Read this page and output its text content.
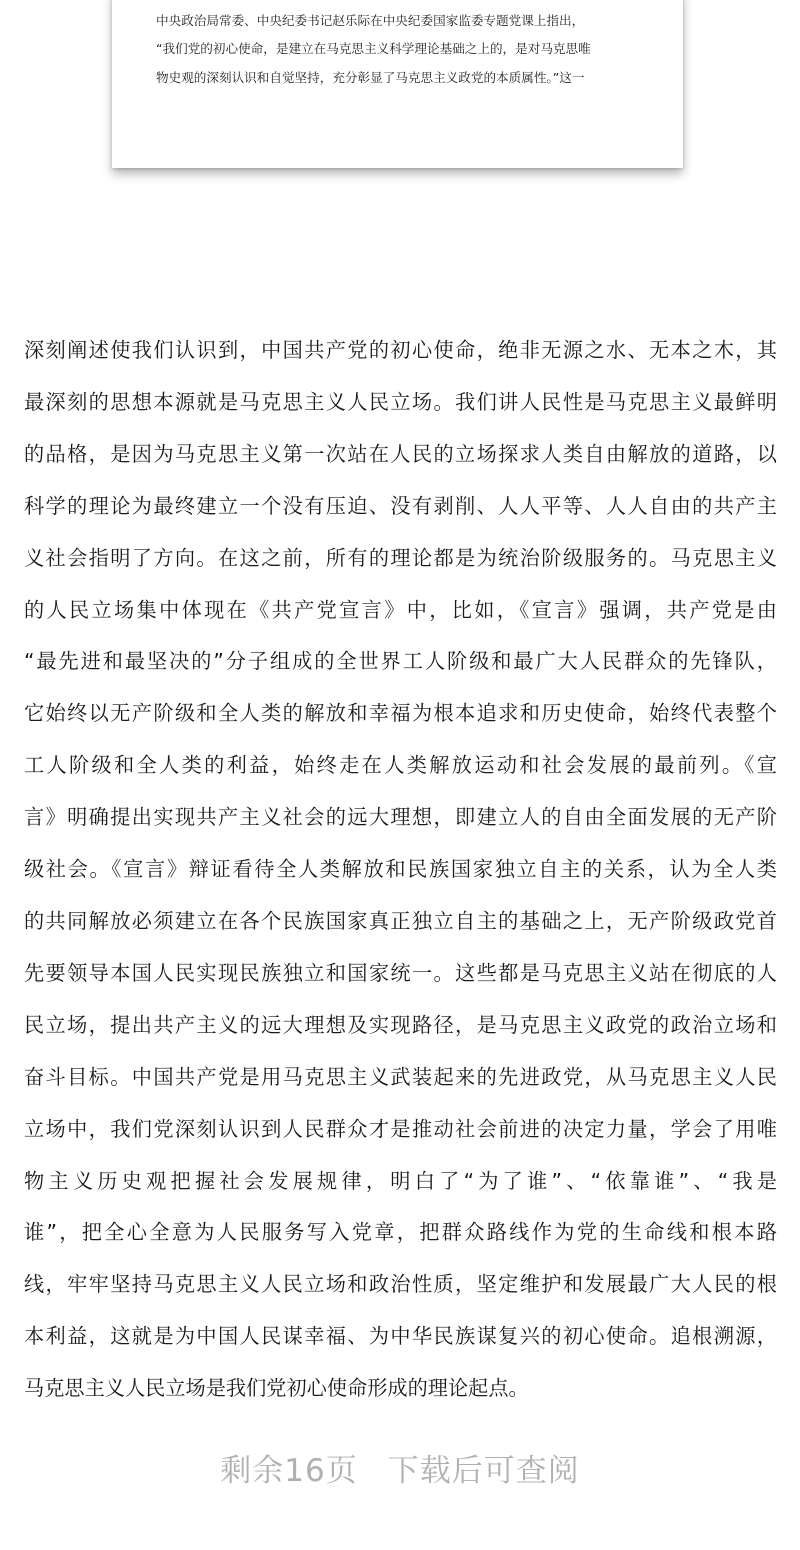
中央政治局常委、中央纪委书记赵乐际在中央纪委国家监委专题党课上指出，
“我们党的初心使命，是建立在马克思主义科学理论基础之上的，是对马克思唯
物史观的深刻认识和自觉坚持，充分彰显了马克思主义政党的本质属性。”这一
深刻阐述使我们认识到，中国共产党的初心使命，绝非无源之水、无本之木，其
最深刻的思想本源就是马克思主义人民立场。我们讲人民性是马克思主义最鲜明
的品格，是因为马克思主义第一次站在人民的立场探求人类自由解放的道路，以
科学的理论为最终建立一个没有压迫、没有剥削、人人平等、人人自由的共产主
义社会指明了方向。在这之前，所有的理论都是为统治阶级服务的。马克思主义
的人民立场集中体现在《共产党宣言》中，比如，《宣言》强调，共产党是由
“最先进和最坚决的”分子组成的全世界工人阶级和最广大人民群众的先锋队，
它始终以无产阶级和全人类的解放和幸福为根本追求和历史使命，始终代表整个
工人阶级和全人类的利益，始终走在人类解放运动和社会发展的最前列。《宣
言》明确提出实现共产主义社会的远大理想，即建立人的自由全面发展的无产阶
级社会。《宣言》辩证看待全人类解放和民族国家独立自主的关系，认为全人类
的共同解放必须建立在各个民族国家真正独立自主的基础之上，无产阶级政党首
先要领导本国人民实现民族独立和国家统一。这些都是马克思主义站在彻底的人
民立场，提出共产主义的远大理想及实现路径，是马克思主义政党的政治立场和
奋斗目标。中国共产党是用马克思主义武装起来的先进政党，从马克思主义人民
立场中，我们党深刻认识到人民群众才是推动社会前进的决定力量，学会了用唯
物主义历史观把握社会发展规律，明白了“为了谁”、“依靠谁”、“我是
谁”，把全心全意为人民服务写入党章，把群众路线作为党的生命线和根本路
线，牢牢坚持马克思主义人民立场和政治性质，坚定维护和发展最广大人民的根
本利益，这就是为中国人民谋幸福、为中华民族谋复兴的初心使命。追根溯源，
马克思主义人民立场是我们党初心使命形成的理论起点。
剩余16页 下载后可查阅
